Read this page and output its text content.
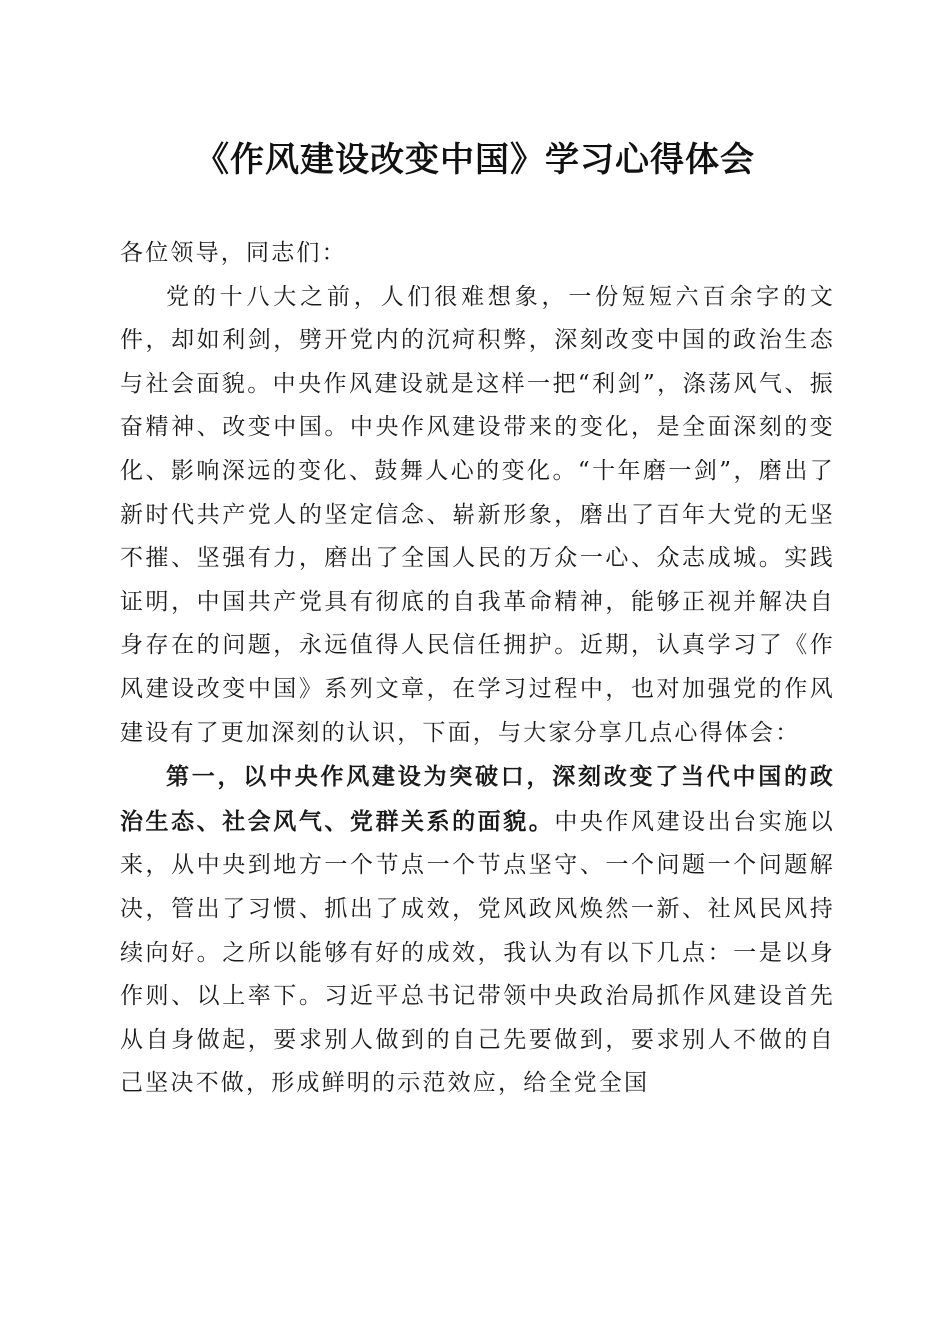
《作风建设改变中国》学习心得体会

各位领导，同志们：

党的十八大之前，人们很难想象，一份短短六百余字的文件，却如利剑，劈开党内的沉疴积弊，深刻改变中国的政治生态与社会面貌。中央作风建设就是这样一把“利剑”，涤荡风气、振奋精神、改变中国。中央作风建设带来的变化，是全面深刻的变化、影响深远的变化、鼓舞人心的变化。“十年磨一剑”，磨出了新时代共产党人的坚定信念、崭新形象，磨出了百年大党的无坚不摧、坚强有力，磨出了全国人民的万众一心、众志成城。实践证明，中国共产党具有彻底的自我革命精神，能够正视并解决自身存在的问题，永远值得人民信任拥护。近期，认真学习了《作风建设改变中国》系列文章，在学习过程中，也对加强党的作风建设有了更加深刻的认识，下面，与大家分享几点心得体会：

第一，以中央作风建设为突破口，深刻改变了当代中国的政治生态、社会风气、党群关系的面貌。中央作风建设出台实施以来，从中央到地方一个节点一个节点坚守、一个问题一个问题解决，管出了习惯、抓出了成效，党风政风焕然一新、社风民风持续向好。之所以能够有好的成效，我认为有以下几点：一是以身作则、以上率下。习近平总书记带领中央政治局抓作风建设首先从自身做起，要求别人做到的自己先要做到，要求别人不做的自己坚决不做，形成鲜明的示范效应，给全党全国
